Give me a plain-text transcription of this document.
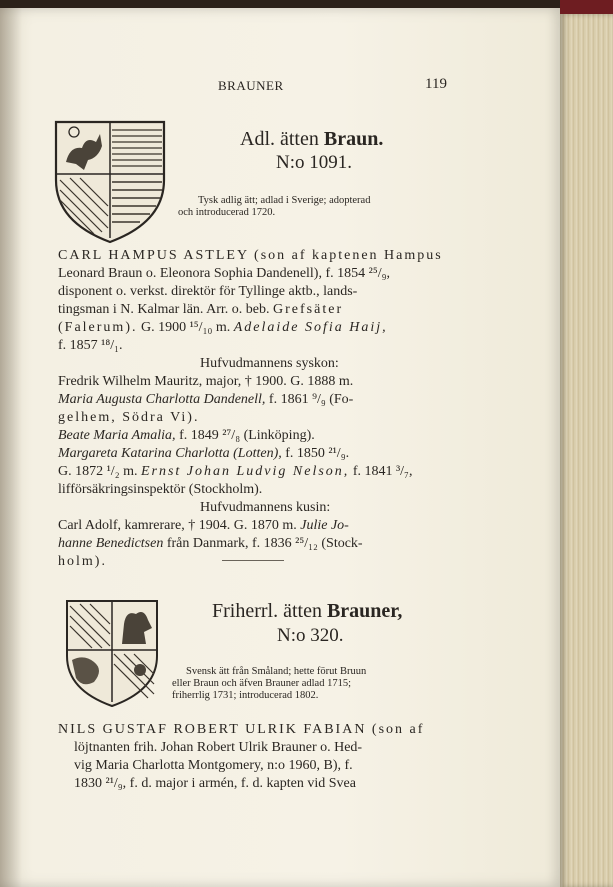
BRAUNER	119
Adl. ätten Braun.
N:o 1091.
Tysk adlig ätt; adlad i Sverige; adopterad
och introducerad 1720.
CARL HAMPUS ASTLEY (son af kaptenen Hampus
Leonard Braun o. Eleonora Sophia Dandenell), f. 1854 ²⁵/₉,
disponent o. verkst. direktör för Tyllinge aktb., lands-
tingsman i N. Kalmar län. Arr. o. beb. Grefsäter
(Falerum). G. 1900 ¹⁵/₁₀ m. Adelaide Sofia Haij,
f. 1857 ¹⁸/₁.
Hufvudmannens syskon:
Fredrik Wilhelm Mauritz, major, † 1900. G. 1888 m.
Maria Augusta Charlotta Dandenell, f. 1861 ⁹/₉ (Fo-
gelhem, Södra Vi).
Beate Maria Amalia, f. 1849 ²⁷/₈ (Linköping).
Margareta Katarina Charlotta (Lotten), f. 1850 ²¹/₉.
G. 1872 ¹/₂ m. Ernst Johan Ludvig Nelson, f. 1841 ³/₇,
lifförsäkringsinspektör (Stockholm).
Hufvudmannens kusin:
Carl Adolf, kamrerare, † 1904. G. 1870 m. Julie Jo-
hanne Benedictsen från Danmark, f. 1836 ²⁵/₁₂ (Stock-
holm).
Friherrl. ätten Brauner,
N:o 320.
Svensk ätt från Småland; hette förut Bruun
eller Braun och äfven Brauner adlad 1715;
friherrlig 1731; introducerad 1802.
NILS GUSTAF ROBERT ULRIK FABIAN (son af
löjtnanten frih. Johan Robert Ulrik Brauner o. Hed-
vig Maria Charlotta Montgomery, n:o 1960, B), f.
1830 ²¹/₉, f. d. major i armén, f. d. kapten vid Svea
